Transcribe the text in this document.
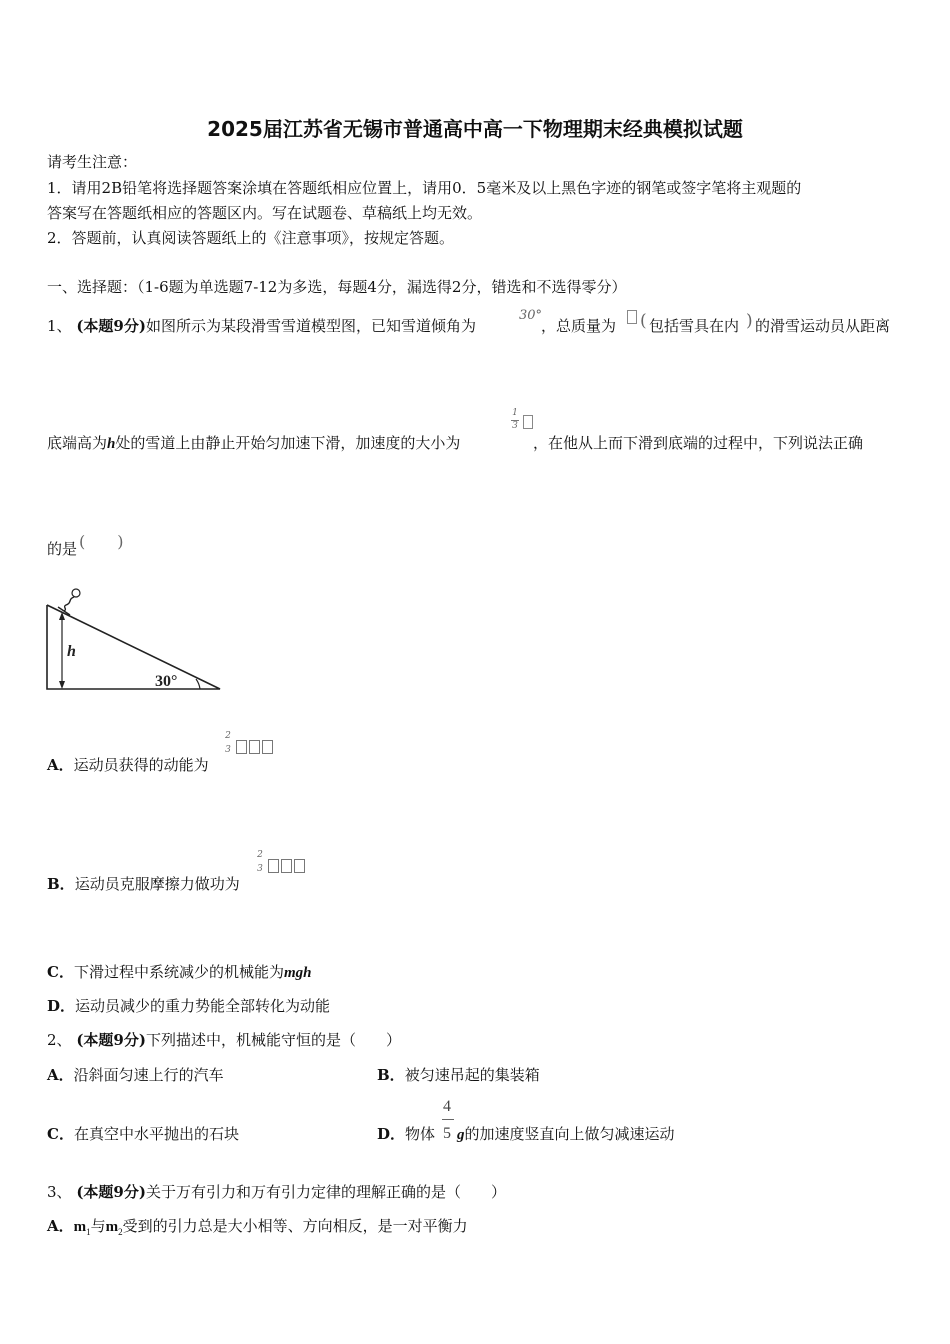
2025届江苏省无锡市普通高中高一下物理期末经典模拟试题
请考生注意：
1．请用2B铅笔将选择题答案涂填在答题纸相应位置上，请用0．5毫米及以上黑色字迹的钢笔或签字笔将主观题的
答案写在答题纸相应的答题区内。写在试题卷、草稿纸上均无效。
2．答题前，认真阅读答题纸上的《注意事项》，按规定答题。
一、选择题：（1-6题为单选题7-12为多选，每题4分，漏选得2分，错选和不选得零分）
1、 (本题9分)如图所示为某段滑雪雪道模型图，已知雪道倾角为
30°
，总质量为 ( 包括雪具在内 ) 的滑雪运动员从距离
底端高为h处的雪道上由静止开始匀加速下滑，加速度的大小为
1
3
，在他从上而下滑到底端的过程中，下列说法正确
的是 (　　)
h
30°
A．运动员获得的动能为
2
3
B．运动员克服摩擦力做功为
2
3
C．下滑过程中系统减少的机械能为mgh
D．运动员减少的重力势能全部转化为动能
2、 (本题9分)下列描述中，机械能守恒的是（　　）
A．沿斜面匀速上行的汽车	B．被匀速吊起的集装箱
C．在真空中水平抛出的石块	D．物体
4
5 g的加速度竖直向上做匀减速运动
3、 (本题9分)关于万有引力和万有引力定律的理解正确的是（　　）
A．$m_1$与$m_2$受到的引力总是大小相等、方向相反，是一对平衡力
